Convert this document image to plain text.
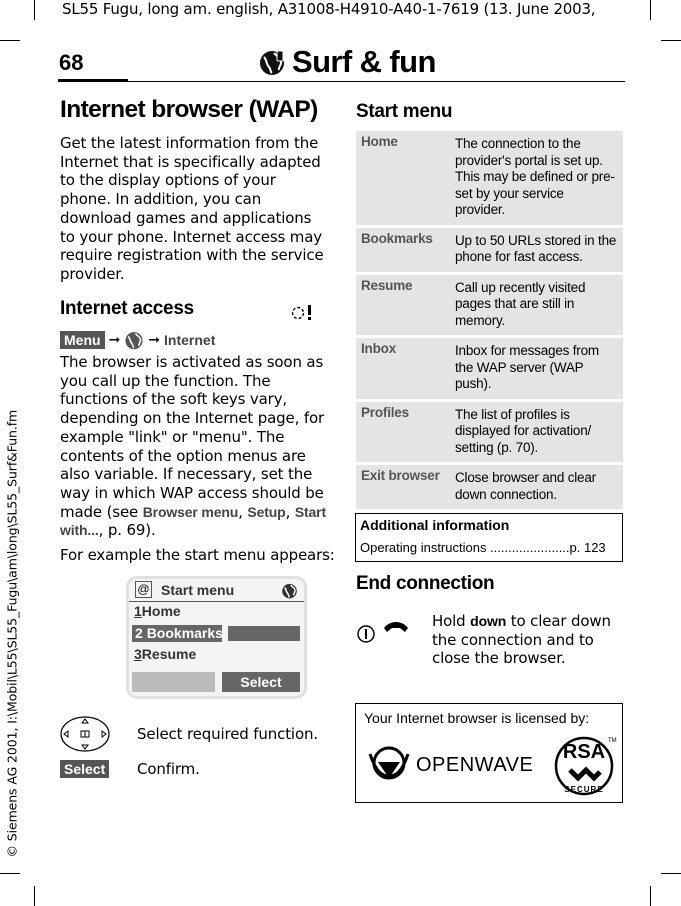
SL55 Fugu, long am. english, A31008-H4910-A40-1-7619 (13. June 2003,
68	Surf & fun
© Siemens AG 2001, I:\Mobil\L55\SL55_Fugu\am\long\SL55_Surf&Fun.fm
Internet browser (WAP)

Get the latest information from the Internet that is specifically adapted to the display options of your phone. In addition, you can download games and applications to your phone. Internet access may require registration with the service provider.

Internet access
Menu ➞ ➞ Internet

The browser is activated as soon as you call up the function. The functions of the soft keys vary, depending on the Internet page, for example "link" or "menu". The contents of the option menus are also variable. If necessary, set the way in which WAP access should be made (see Browser menu, Setup, Start with..., p. 69).

For example the start menu appears:

@ Start menu
1Home
2 Bookmarks
3Resume
Select

Select required function.

Select Confirm.

Start menu
Home	The connection to the provider's portal is set up. This may be defined or pre-set by your service provider.
Bookmarks	Up to 50 URLs stored in the phone for fast access.
Resume	Call up recently visited pages that are still in memory.
Inbox	Inbox for messages from the WAP server (WAP push).
Profiles	The list of profiles is displayed for activation/ setting (p. 70).
Exit browser	Close browser and clear down connection.
Additional information
Operating instructions ......................p. 123
End connection

Hold down to clear down the connection and to close the browser.

Your Internet browser is licensed by:
OPENWAVE
RSA TM
SECURE
